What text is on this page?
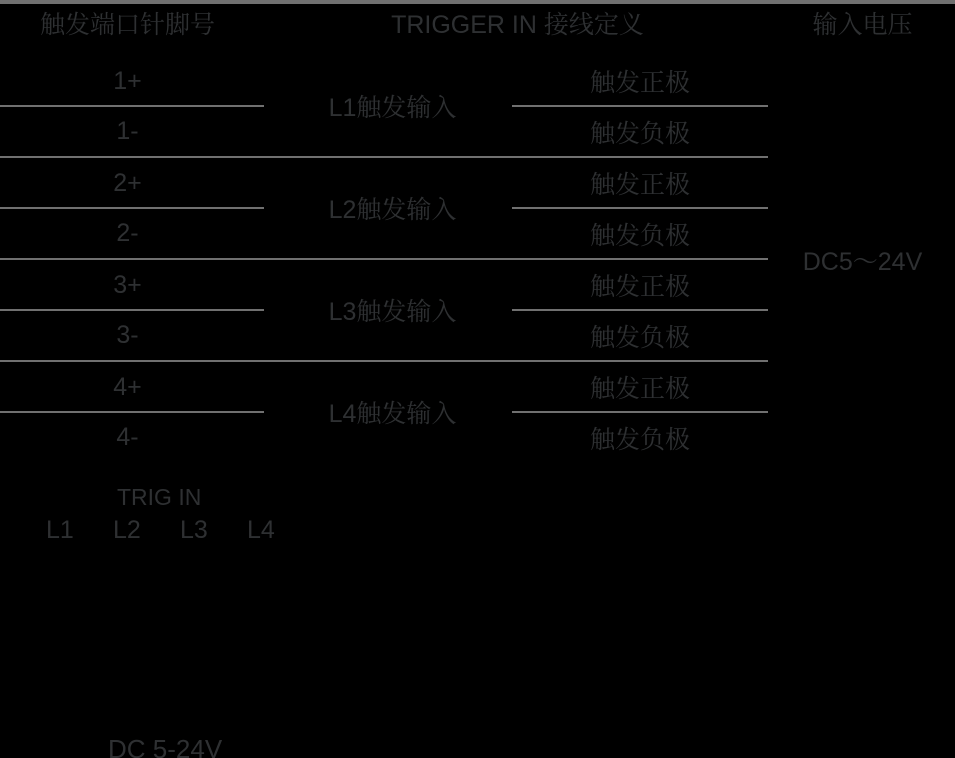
触发端口针脚号	TRIGGER IN 接线定义	输入电压
1+	触发正极
1-	触发负极
L1触发输入
2+	触发正极
2-	触发负极
L2触发输入
3+	触发正极
3-	触发负极
L3触发输入
4+	触发正极
4-	触发负极
L4触发输入
DC5～24V
TRIG IN
L1 L2 L3 L4
DC 5-24V
